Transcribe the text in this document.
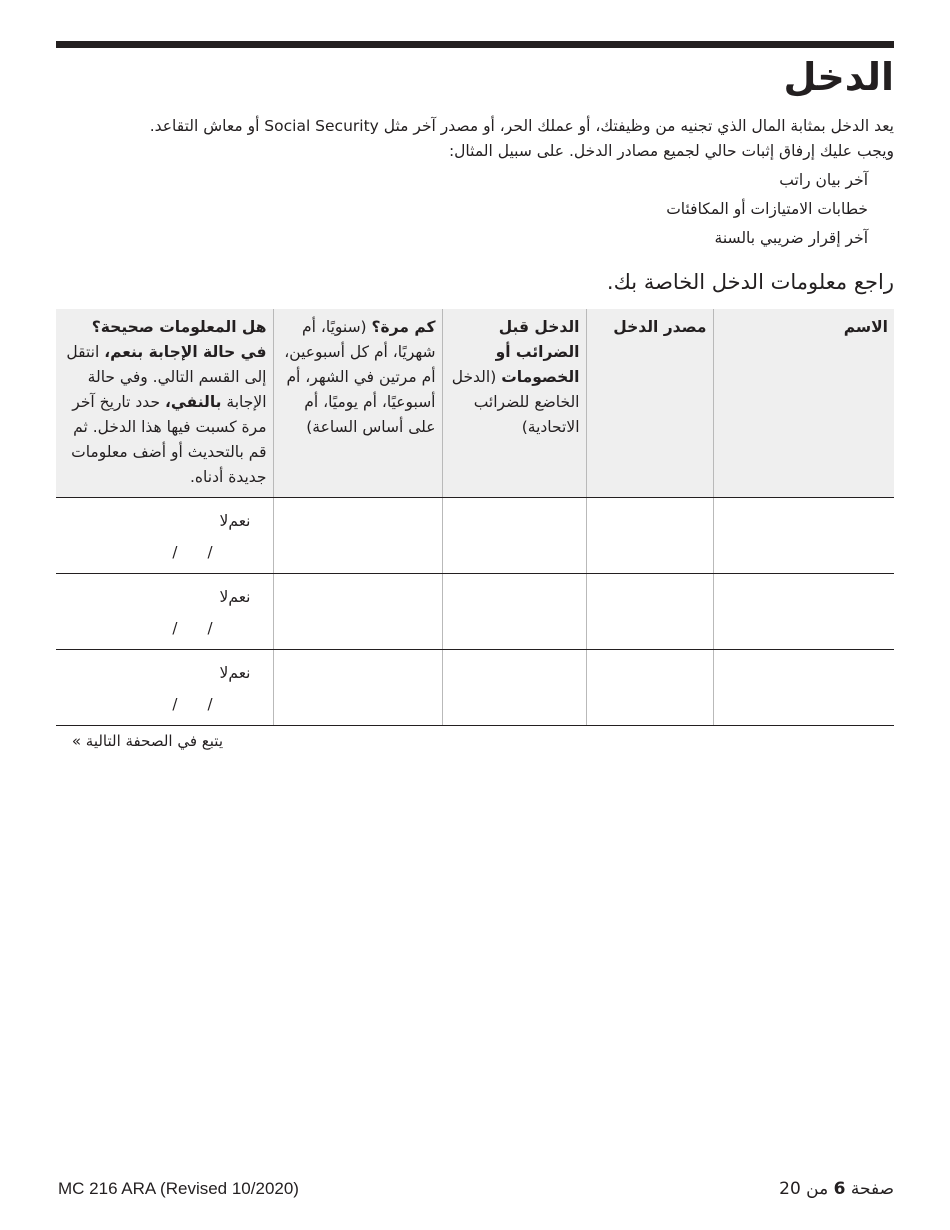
الدخل

يعد الدخل بمثابة المال الذي تجنيه من وظيفتك، أو عملك الحر، أو مصدر آخر مثل Social Security أو معاش التقاعد.

ويجب عليك إرفاق إثبات حالي لجميع مصادر الدخل. على سبيل المثال:

آخر بيان راتب
خطابات الامتيازات أو المكافئات
آخر إقرار ضريبي بالسنة
راجع معلومات الدخل الخاصة بك.
الاسم	مصدر الدخل	الدخل قبل الضرائب أو الخصومات (الدخل الخاضع للضرائب الاتحادية)	كم مرة؟ (سنويًا، أم شهريًا، أم كل أسبوعين، أم مرتين في الشهر، أم أسبوعيًا، أم يوميًا، أم على أساس الساعة)	هل المعلومات صحيحة؟ في حالة الإجابة بنعم، انتقل إلى القسم التالي. وفي حالة الإجابة بالنفي، حدد تاريخ آخر مرة كسبت فيها هذا الدخل. ثم قم بالتحديث أو أضف معلومات جديدة أدناه.

				نعملا
/ /

				نعملا
/ /

				نعملا
/ /
يتبع في الصحفة التالية »
MC 216 ARA (Revised 10/2020)	صفحة 6 من 20
